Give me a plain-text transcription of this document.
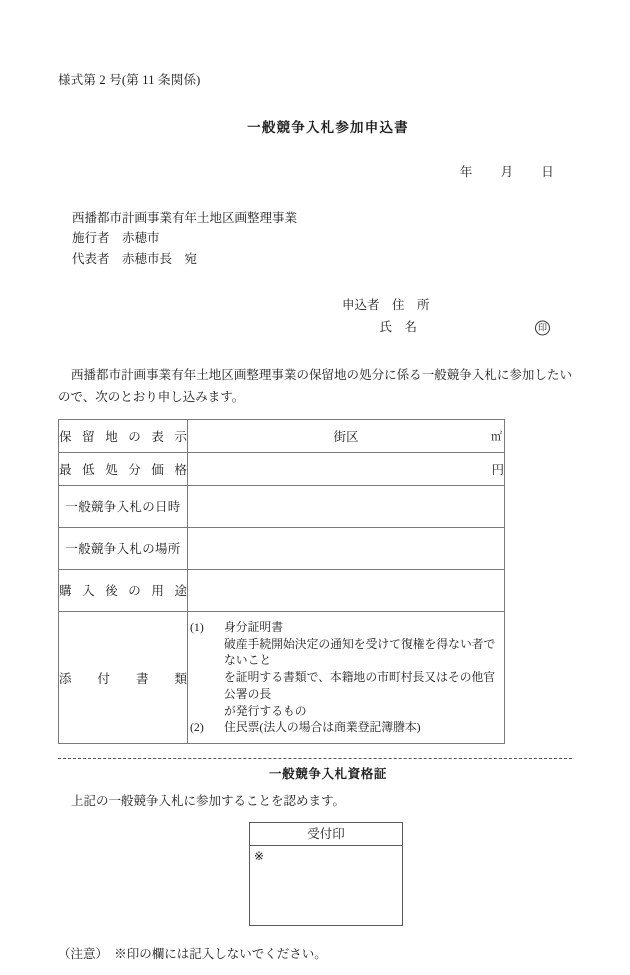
様式第 2 号(第 11 条関係)

一般競争入札参加申込書
年 月 日
西播都市計画事業有年土地区画整理事業
施行者　赤穂市
代表者　赤穂市長　宛
申込者　 住　所
　　　氏　名	印

西播都市計画事業有年土地区画整理事業の保留地の処分に係る一般競争入札に参加したいので、次のとおり申し込みます。

保 留 地 の 表 示	街区	㎡

最 低 処 分 価 格	円

一般競争入札の日時	

一般競争入札の場所	

購 入 後 の 用 途

添 付 書 類

(1)	身分証明書
破産手続開始決定の通知を受けて復権を得ない者でないこと
を証明する書類で、本籍地の市町村長又はその他官公署の長
が発行するもの
(2)	住民票(法人の場合は商業登記簿謄本)
一般競争入札資格証

上記の一般競争入札に参加することを認めます。

受付印
※

（注意）　※印の欄には記入しないでください。
